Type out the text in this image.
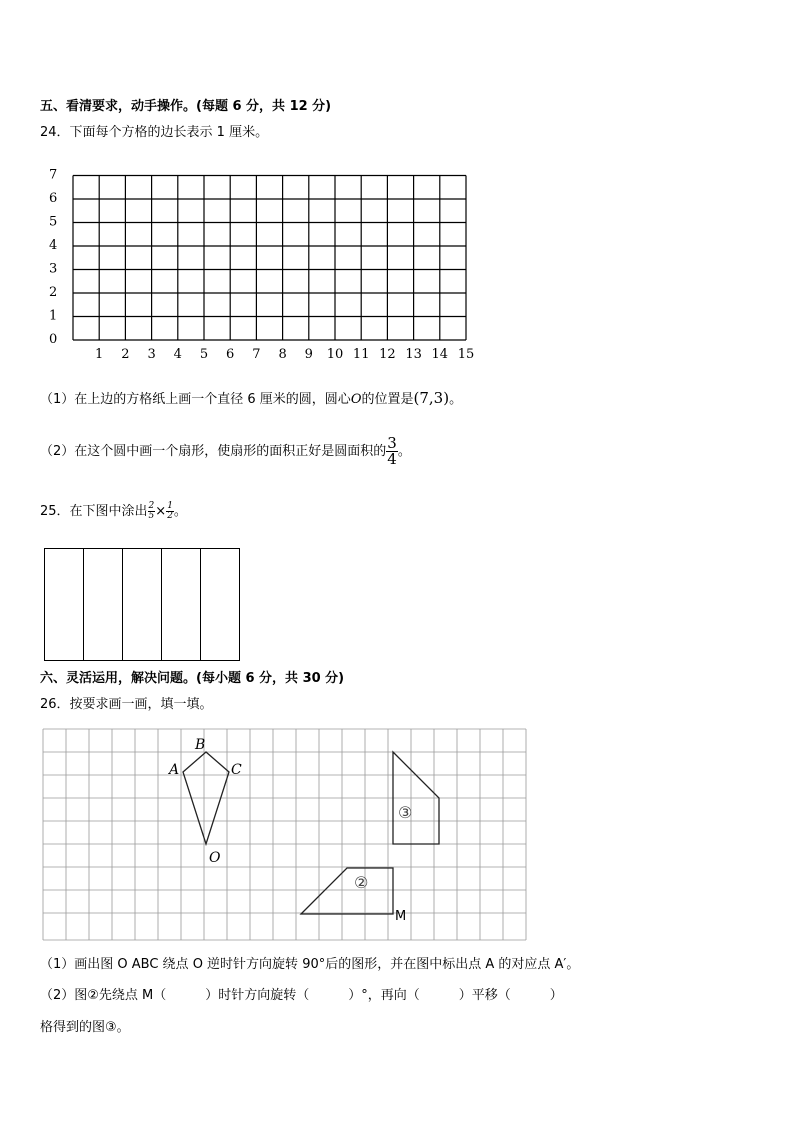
五、看清要求，动手操作。(每题 6 分，共 12 分)
24．下面每个方格的边长表示 1 厘米。
0
1
2
3
4
5
6
7
1 2 3 4 5 6 7 8 9 10 11 12 13 14 15
（1）在上边的方格纸上画一个直径 6 厘米的圆，圆心O的位置是(7,3)。
（2）在这个圆中画一个扇形，使扇形的面积正好是圆面积的 $\frac{3}{4}$ 。
25．在下图中涂出 $\frac{2}{5} \times \frac{1}{2}$ 。
六、灵活运用，解决问题。(每小题 6 分，共 30 分)
26．按要求画一画，填一填。
B
A	C
O
③
②
M
（1）画出图 O ABC 绕点 O 逆时针方向旋转 90°后的图形，并在图中标出点 A 的对应点 A′。
（2）图②先绕点 M（　　　）时针方向旋转（　　　）°，再向（　　　）平移（　　　）
格得到的图③。
